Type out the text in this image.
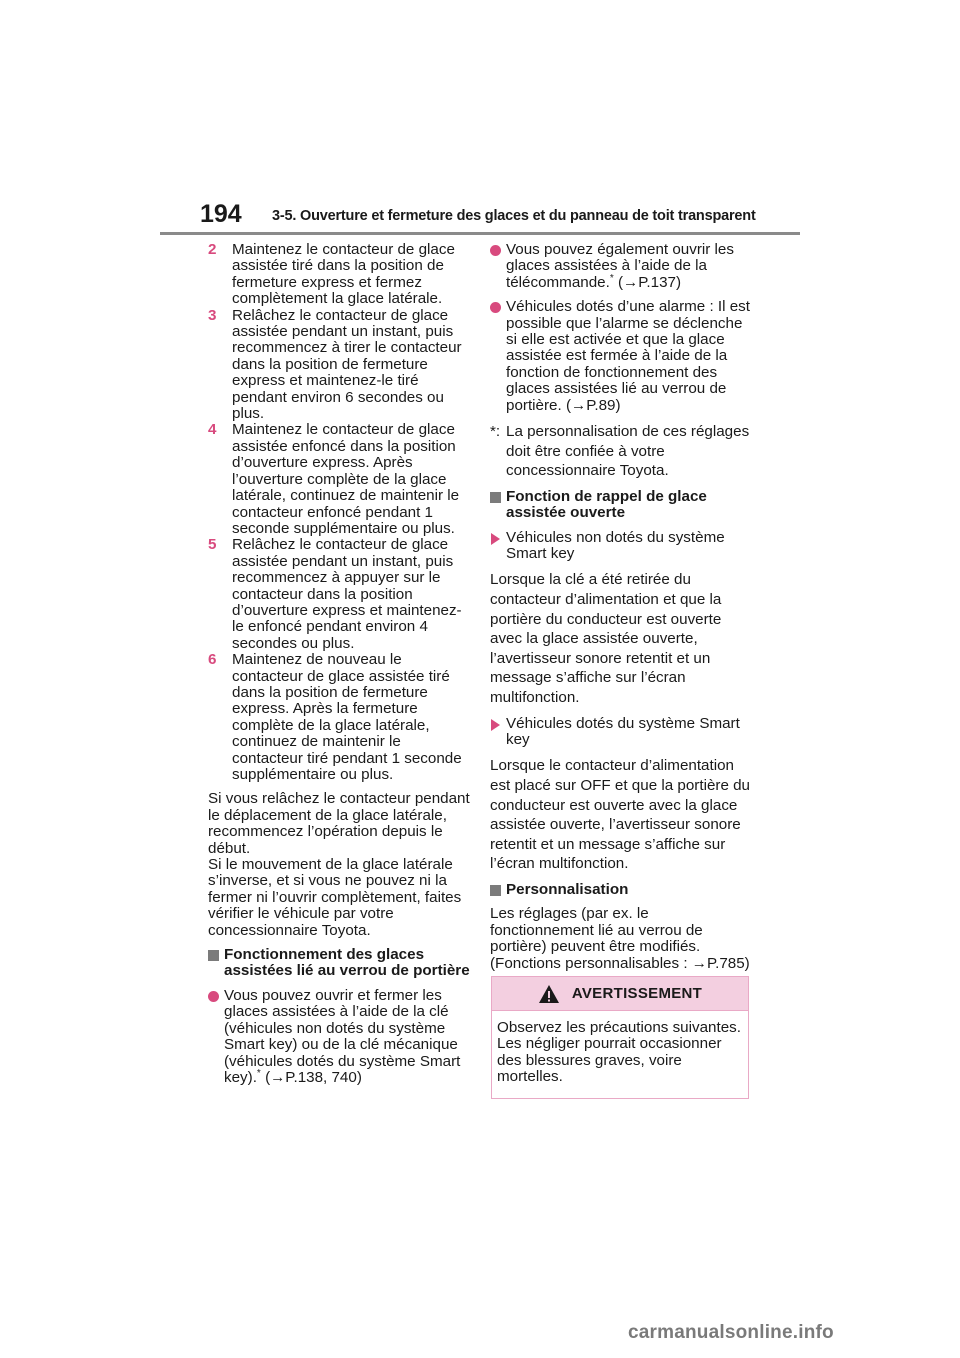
194 3-5. Ouverture et fermeture des glaces et du panneau de toit transparent
2 Maintenez le contacteur de glace assistée tiré dans la position de fermeture express et fermez complètement la glace latérale.
3 Relâchez le contacteur de glace assistée pendant un instant, puis recommencez à tirer le contacteur dans la position de fermeture express et maintenez-le tiré pendant environ 6 secondes ou plus.
4 Maintenez le contacteur de glace assistée enfoncé dans la position d’ouverture express. Après l’ouverture complète de la glace latérale, continuez de maintenir le contacteur enfoncé pendant 1 seconde supplémentaire ou plus.
5 Relâchez le contacteur de glace assistée pendant un instant, puis recommencez à appuyer sur le contacteur dans la position d’ouverture express et maintenez-le enfoncé pendant environ 4 secondes ou plus.
6 Maintenez de nouveau le contacteur de glace assistée tiré dans la position de fermeture express. Après la fermeture complète de la glace latérale, continuez de maintenir le contacteur tiré pendant 1 seconde supplémentaire ou plus.

Si vous relâchez le contacteur pendant le déplacement de la glace latérale, recommencez l’opération depuis le début.

Si le mouvement de la glace latérale s’inverse, et si vous ne pouvez ni la fermer ni l’ouvrir complètement, faites vérifier le véhicule par votre concessionnaire Toyota.

Fonctionnement des glaces assistées lié au verrou de portière
Vous pouvez ouvrir et fermer les glaces assistées à l’aide de la clé (véhicules non dotés du système Smart key) ou de la clé mécanique (véhicules dotés du système Smart key).* (→P.138, 740)
Vous pouvez également ouvrir les glaces assistées à l’aide de la télécommande.* (→P.137)
Véhicules dotés d’une alarme : Il est possible que l’alarme se déclenche si elle est activée et que la glace assistée est fermée à l’aide de la fonction de fonctionnement des glaces assistées lié au verrou de portière. (→P.89)
*: La personnalisation de ces réglages doit être confiée à votre concessionnaire Toyota.
Fonction de rappel de glace assistée ouverte
Véhicules non dotés du système Smart key

Lorsque la clé a été retirée du contacteur d’alimentation et que la portière du conducteur est ouverte avec la glace assistée ouverte, l’avertisseur sonore retentit et un message s’affiche sur l’écran multifonction.

Véhicules dotés du système Smart key

Lorsque le contacteur d’alimentation est placé sur OFF et que la portière du conducteur est ouverte avec la glace assistée ouverte, l’avertisseur sonore retentit et un message s’affiche sur l’écran multifonction.

Personnalisation

Les réglages (par ex. le fonctionnement lié au verrou de portière) peuvent être modifiés. (Fonctions personnalisables : →P.785)

AVERTISSEMENT

Observez les précautions suivantes.

Les négliger pourrait occasionner des blessures graves, voire mortelles.

carmanualsonline.info
